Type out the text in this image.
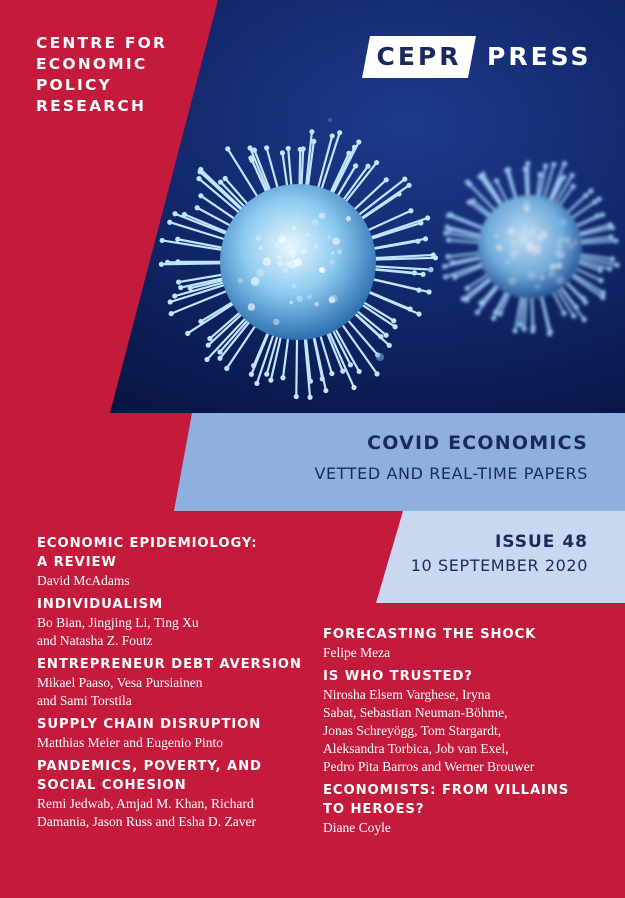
CENTRE FOR
ECONOMIC
POLICY
RESEARCH
CEPR	PRESS
COVID ECONOMICS
VETTED AND REAL-TIME PAPERS
ISSUE 48
10 SEPTEMBER 2020
ECONOMIC EPIDEMIOLOGY:
A REVIEW
David McAdams
INDIVIDUALISM
Bo Bian, Jingjing Li, Ting Xu
and Natasha Z. Foutz
ENTREPRENEUR DEBT AVERSION
Mikael Paaso, Vesa Pursiainen
and Sami Torstila
SUPPLY CHAIN DISRUPTION
Matthias Meier and Eugenio Pinto
PANDEMICS, POVERTY, AND
SOCIAL COHESION
Remi Jedwab, Amjad M. Khan, Richard
Damania, Jason Russ and Esha D. Zaver
FORECASTING THE SHOCK
Felipe Meza
IS WHO TRUSTED?
Nirosha Elsem Varghese, Iryna
Sabat, Sebastian Neuman-Böhme,
Jonas Schreyögg, Tom Stargardt,
Aleksandra Torbica, Job van Exel,
Pedro Pita Barros and Werner Brouwer
ECONOMISTS: FROM VILLAINS
TO HEROES?
Diane Coyle
